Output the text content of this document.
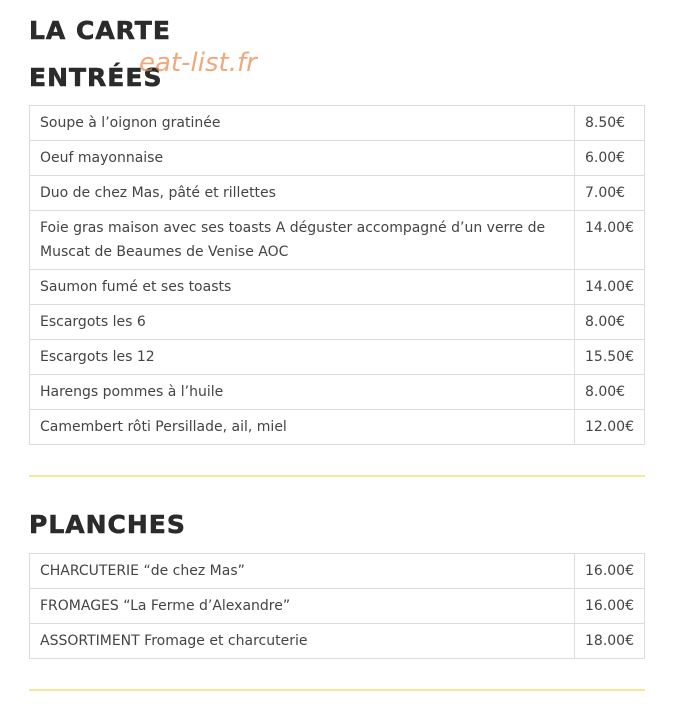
LA CARTE
ENTRÉES
eat-list.fr
Soupe à l’oignon gratinée	8.50€
Oeuf mayonnaise	6.00€
Duo de chez Mas, pâté et rillettes	7.00€
Foie gras maison avec ses toasts A déguster accompagné d’un verre de Muscat de Beaumes de Venise AOC	14.00€
Saumon fumé et ses toasts	14.00€
Escargots les 6	8.00€
Escargots les 12	15.50€
Harengs pommes à l’huile	8.00€
Camembert rôti Persillade, ail, miel	12.00€
PLANCHES
CHARCUTERIE “de chez Mas”	16.00€
FROMAGES “La Ferme d’Alexandre”	16.00€
ASSORTIMENT Fromage et charcuterie	18.00€
